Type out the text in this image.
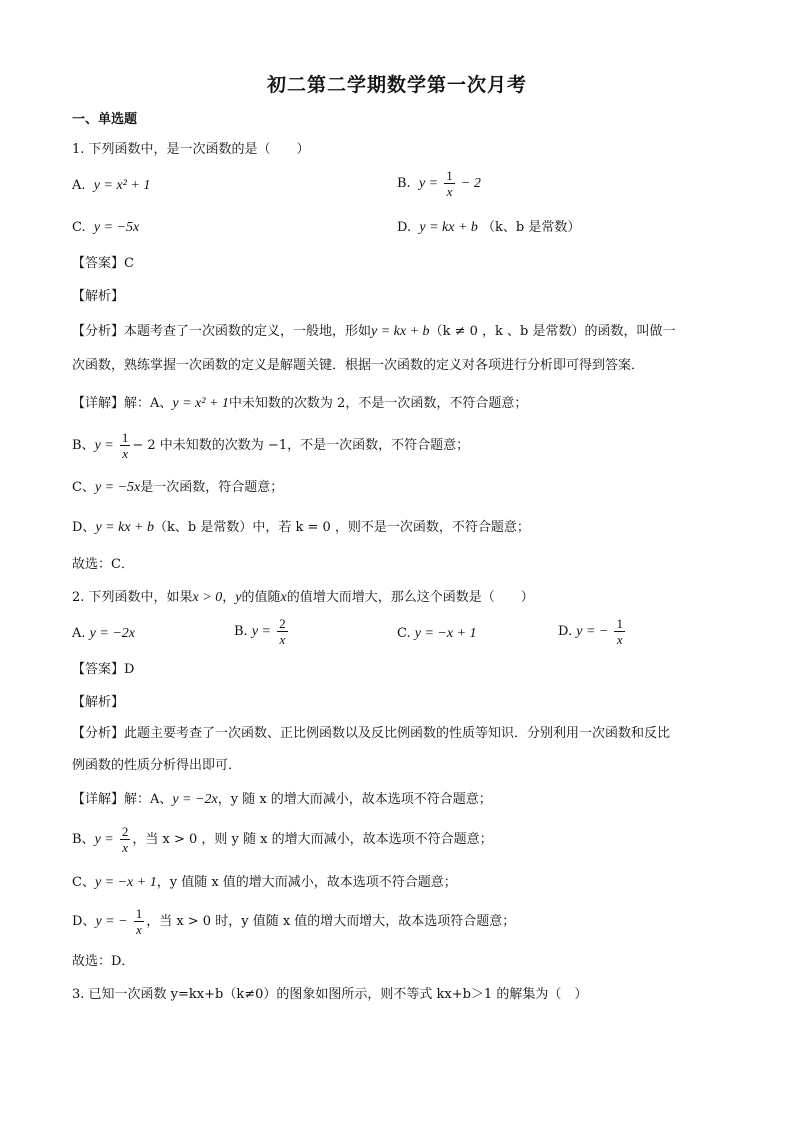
初二第二学期数学第一次月考
一、单选题
1. 下列函数中，是一次函数的是（　　）
A. y = x² + 1	B. $y = \frac{1}{x} - 2$
C. y = −5x	D. y = kx + b （k、b 是常数）
【答案】C
【解析】
【分析】本题考查了一次函数的定义，一般地，形如y = kx + b（k ≠ 0 ，k 、b 是常数）的函数，叫做一
次函数，熟练掌握一次函数的定义是解题关键．根据一次函数的定义对各项进行分析即可得到答案．
【详解】解：A、y = x² + 1中未知数的次数为 2，不是一次函数，不符合题意；
B、$y = \frac{1}{x} - 2$ 中未知数的次数为 −1，不是一次函数，不符合题意；
C、y = −5x是一次函数，符合题意；
D、y = kx + b（k、b 是常数）中，若 k = 0 ，则不是一次函数，不符合题意；
故选：C．
2. 下列函数中，如果x > 0，y的值随x的值增大而增大，那么这个函数是（　　）
A. y = −2x	B. $y = \frac{2}{x}$	C. y = −x + 1	D. y = − $\frac{1}{x}$
【答案】D
【解析】
【分析】此题主要考查了一次函数、正比例函数以及反比例函数的性质等知识．分别利用一次函数和反比
例函数的性质分析得出即可．
【详解】解：A、y = −2x，y 随 x 的增大而减小，故本选项不符合题意；
B、$y = \frac{2}{x}$ ，当 x > 0 ，则 y 随 x 的增大而减小，故本选项不符合题意；
C、y = −x + 1，y 值随 x 值的增大而减小，故本选项不符合题意；
D、y = − $\frac{1}{x}$ ，当 x > 0 时，y 值随 x 值的增大而增大，故本选项符合题意；
故选：D．
3. 已知一次函数 y=kx+b（k≠0）的图象如图所示，则不等式 kx+b＞1 的解集为（　）
